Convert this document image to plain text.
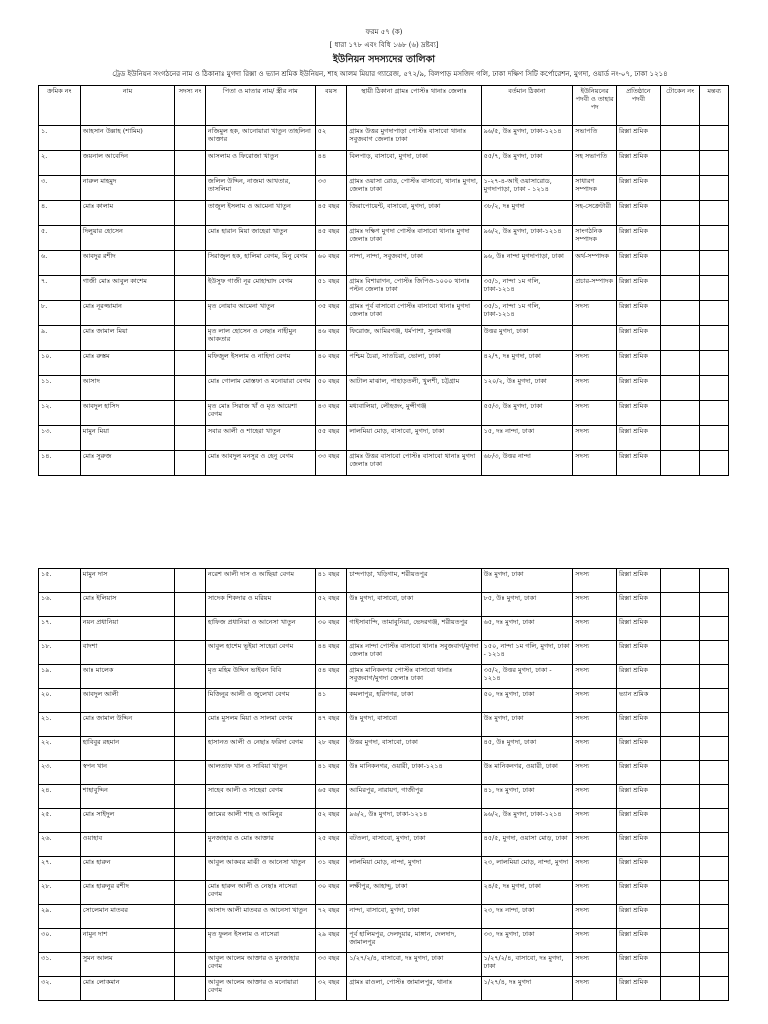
ফরম ৫৭ (ক)
[ ধারা ১৭৮ এবং বিধি ১৬৮ (৬) দ্রষ্টব্য]
ইউনিয়ন সদস্যদের তালিকা
ট্রেড ইউনিয়ন সংগঠনের নাম ও ঠিকানাঃ মুগদা রিক্সা ও ভ্যান শ্রমিক ইউনিয়ন, শাহ আলম মিয়ার গ্যারেজ, ৫৭২/৯, বিলপাড় মসজিদ গলি, ঢাকা দক্ষিণ সিটি কর্পোরেশন, মুগদা, ওয়ার্ড নং-০৭, ঢাকা ১২১৪
ক্রমিক নং	নাম	সদস্য নং	পিতা ও মাতার নাম/ স্ত্রীর নাম	বয়স	স্থায়ী ঠিকানা গ্রামঃ পোস্টঃ থানাঃ জেলাঃ	বর্তমান ঠিকানা	ইউনিয়নের পদবী ও তাহার পদ	প্রতিষ্ঠানে পদবী	টোকেন নং	মন্তব্য
১.	আহসান উল্লাহ (শামিম)		নজিমুল হক, আনোয়ারা খাতুন তাহলিনা আক্তার	৫২	গ্রামঃ উত্তর মুগদাপাড়া পোস্টঃ বাসাবো থানাঃ সবুজবাগ জেলাঃ ঢাকা	৯৬/৫, উঃ মুগদা, ঢাকা-১২১৪	সভাপতি	রিক্সা শ্রমিক		
২.	জয়নাল আবেদিন		আসলাম ও ফিরোজা খাতুন	৪৪	বিলপাড়, বাসাবো, মুগদা, ঢাকা	৫৫/৭, উঃ মুগদা, ঢাকা	সহ সভাপতি	রিক্সা শ্রমিক		
৩.	নারুল মাহমুদ		জলিল উদ্দিন, নাজমা আখতার, তাসলিমা	৩৩	গ্রামঃ ওয়াসা রোড, পোস্টঃ বাসাবো, থানাঃ মুগদা, জেলাঃ ঢাকা	১-২৭-৪-আই ওয়াসারোড, মুগদাপাড়া, ঢাকা - ১২১৪	সাধারণ সম্পাদক	রিক্সা শ্রমিক		
৪.	মোঃ কালাম		তাজুল ইসলাম ও আমেনা খাতুন	৪৫ বছর	জিরাপোয়েন্ট, বাসাবো, মুগদা, ঢাকা	৩৮/২, দঃ মুগদা	সহ-সেক্রেটারী	রিক্সা শ্রমিক		
৫.	দিলুয়ার হোসেন		মোঃ হারান মিয়া জাহেরা খাতুন	৪৫ বছর	গ্রামঃ দক্ষিণ মুগদা পোস্টঃ বাসাবো থানাঃ মুগদা জেলাঃ ঢাকা	৯৬/২, উঃ মুগদা, ঢাকা-১২১৪	সাংগঠনিক সম্পাদক	রিক্সা শ্রমিক		
৬.	আবদুর রশীদ		সিরাজুল হক, হালিমা বেগম, মিনু বেগম	৬০ বছর	নান্দা, নান্দা, সবুজবাগ, ঢাকা	৯৬, উঃ নান্দা মুগদাপাড়া, ঢাকা	অর্থ-সম্পাদক	রিক্সা শ্রমিক		
৭.	গাজী মোঃ আবুল কাশেম		ইউসুফ গাজী নূর মোহাম্মাদ বেগম	৫১ বছর	গ্রামঃ বিশারাগন, পোস্টঃ জিপিও-১০০০ থানাঃ পল্টন জেলাঃ ঢাকা	৩৫/১, নান্দা ১ম গলি, ঢাকা-১২১৪	প্রচার-সম্পাদক	রিক্সা শ্রমিক		
৮.	মোঃ নূরজ্জামান		মৃত নোয়াব আমেনা খাতুন	৩৫ বছর	গ্রামঃ পূর্ব বাসাবো পোস্টঃ বাসাবো থানাঃ মুগদা জেলাঃ ঢাকা	৩৫/১, নান্দা ১ম গলি, ঢাকা-১২১৪	সদস্য	রিক্সা শ্রমিক		
৯.	মোঃ জামাল মিয়া		মৃত লাল হোসেন ও নেছাঃ নাহীমুন আকতার	৪৬ বছর	ফিরোজ, আমিরগঞ্জ, ধর্মপাশা, সুনামগঞ্জ	উত্তর মুগদা, ঢাকা		রিক্সা শ্রমিক		
১০.	মোঃ রুস্তম		মফিজুল ইসলাম ও নাহিদা বেগম	৪০ বছর	পশ্চিম চৈরা, সাতচিরা, ভোলা, ঢাকা	৪২/৭, দঃ মুগদা, ঢাকা	সদস্য	রিক্সা শ্রমিক		
১১.	আসাদ		মোঃ গোলাম মোস্তফা ও মনোয়ারা বেগম	৫০ বছর	আটাল মাঝাল, পাহাড়তলী, খুলশী, চট্টগ্রাম	১২০/২, উঃ মুগদা, ঢাকা	সদস্য	রিক্সা শ্রমিক		
১২.	আবদুল হাসিদ		মৃত মোঃ সিরাজ খাঁ ও মৃত আয়েশা বেগম	৪৩ বছর	মধ্যবালিয়া, লৌহজং, মুন্সীগঞ্জ	৫৫/৩, উঃ মুগদা, ঢাকা	সদস্য	রিক্সা শ্রমিক		
১৩.	মামুন মিয়া		সবার আলী ও শাহেরা খাতুন	৫৫ বছর	লালমিয়া মোড়, বাসাবো, মুগদা, ঢাকা	১৫, দঃ নান্দা, ঢাকা	সদস্য	রিক্সা শ্রমিক		
১৪.	মোঃ সুরুজ		মোঃ আবদুল মনসুর ও হেনু বেগম	৩৩ বছর	গ্রামঃ উত্তর বাসাবো পোস্টঃ বাসাবো থানাঃ মুগদা জেলাঃ ঢাকা	৬৮/৩, উত্তর নান্দা	সদস্য	রিক্সা শ্রমিক		
১৫.	মামুন দাস		নরেশ আলী দাস ও আছিয়া বেগম	৪১ বছর	চান্দপাড়া, খড়িগাম, শরীয়তপুর	উঃ মুগদা, ঢাকা	সদস্য	রিক্সা শ্রমিক		
১৬.	মোঃ ইলিয়াস		সাদেক শিকদার ও মরিয়ম	৫২ বছর	উঃ মুগদা, বাসাবো, ঢাকা	৮৫, উঃ মুগদা, ঢাকা	সদস্য	রিক্সা শ্রমিক		
১৭.	নয়ন প্রধানিয়া		হাফিজ প্রধানিয়া ও আনেসা খাতুন	৩০ বছর	গাইসাবান্দি, তামাবুনিয়া, ভেদরগঞ্জ, শরীয়তপুর	৬৫, দঃ মুগদা, ঢাকা	সদস্য	রিক্সা শ্রমিক		
১৮.	বাদশা		আবুল হাশেম ভূইয়া সাহেরা বেগম	৪৪ বছর	গ্রামঃ নান্দা পোস্টঃ বাসাবো থানাঃ সবুজবাগ/মুগদা জেলাঃ ঢাকা	১৫০, নান্দা ১ম গলি, মুগদা, ঢাকা - ১২১৪	সদস্য	রিক্সা শ্রমিক		
১৯.	আঃ মালেক		মৃত মহিম উদ্দিন ভাইবন বিবি	৫৪ বছর	গ্রামঃ মানিকনগর পোস্টঃ বাসাবো থানাঃ সবুজবাগ/মুগদা জেলাঃ ঢাকা	৩৫/২, উত্তর মুগদা, ঢাকা - ১২১৪	সদস্য	রিক্সা শ্রমিক		
২০.	আবদুল আলী		মিজিনুর আলী ও জুলেখা বেগম	৪১	কমলাপুর, হরিণগর, ঢাকা	৫০, দঃ মুগদা, ঢাকা	সদস্য	ভ্যান শ্রমিক		
২১.	মোঃ জামাল উদ্দিন		মোঃ মুসলম মিয়া ও সালমা বেগম	৪৭ বছর	উঃ মুগদা, বাসাবো	উঃ মুগদা, ঢাকা	সদস্য	রিক্সা শ্রমিক		
২২.	হাবিবুর রহমান		হাসানত আলী ও নেছাঃ ফরিদা বেগম	২৮ বছর	উত্তর মুগদা, বাসাবো, ঢাকা	৪৫, উঃ মুগদা, ঢাকা	সদস্য	রিক্সা শ্রমিক		
২৩.	স্বপন খান		আলতাফ খান ও সাবিয়া খাতুন	৪১ বছর	উঃ মানিকনগর, ওয়ারী, ঢাকা-১২১৪	উঃ মানিকনগর, ওয়ারী, ঢাকা	সদস্য	রিক্সা শ্রমিক		
২৪.	শাহাবুদ্দিন		সাহেব আলী ও সাহেরা বেগম	৬৫ বছর	আমিরপুর, নারায়ণ, গাজীপুর	৪১, দঃ মুগদা, ঢাকা	সদস্য	রিক্সা শ্রমিক		
২৫.	মোঃ সাইদুল		জামের আলী শাহ ও আমিনুর	৫২ বছর	৯৬/২, উঃ মুগদা, ঢাকা-১২১৪	৯৬/২, উঃ মুগদা, ঢাকা-১২১৪	সদস্য	রিক্সা শ্রমিক		
২৬.	ওয়াহাব		মুনজাহার ও মোঃ আক্তার	২৫ বছর	বটতলা, বাসাবো, মুগদা, ঢাকা	৪৫/৫, মুগদা, ওয়াসা মোড়, ঢাকা	সদস্য	রিক্সা শ্রমিক		
২৭.	মোঃ হারুন		আবুল আকবর মাঝী ও আনেসা খাতুন	৩১ বছর	লালমিয়া মোড়, নান্দা, মুগদা	২৩, লালমিয়া মোড়, নান্দা, মুগদা	সদস্য	রিক্সা শ্রমিক		
২৮.	মোঃ হারুনুর রশীদ		মোঃ হারুন আলী ও নেছাঃ নাসেরা বেগম	৩০ বছর	লক্ষীপুর, আহাদ্দু, ঢাকা	২৪/৫, দঃ মুগদা, ঢাকা	সদস্য	রিক্সা শ্রমিক		
২৯.	সোলেমান মাতবর		আসাদ আলী মাতবর ও আনেসা খাতুন	৭২ বছর	নান্দা, বাসাবো, মুগদা, ঢাকা	২৩, দঃ নান্দা, ঢাকা	সদস্য	রিক্সা শ্রমিক		
৩০.	নামুন দাশ		মৃত ফুলন ইসলাম ও নাসেরা	২৯ বছর	পূর্ব হালিমপুর, দেলদুয়ার, মাঙ্গান, দেলদাদ, জামালপুর	৩৩, দঃ মুগদা, ঢাকা	সদস্য	রিক্সা শ্রমিক		
৩১.	সুমন আলম		আবুল আলেম আক্তার ও মুনজাহার বেগম	৩৩ বছর	১/২৭/২/৪, বাসাবো, দঃ মুগদা, ঢাকা	১/২৭/২/৪, বাসাবো, দঃ মুগদা, ঢাকা	সদস্য	রিক্সা শ্রমিক		
৩২.	মোঃ লোকমান		আবুল আলেম আক্তার ও মনোয়ারা বেগম	৩২ বছর	গ্রামঃ রাওলা, পোস্টঃ জামালপুর, থানাঃ	১/২৭/৪, দঃ মুগদা	সদস্য	রিক্সা শ্রমিক		
